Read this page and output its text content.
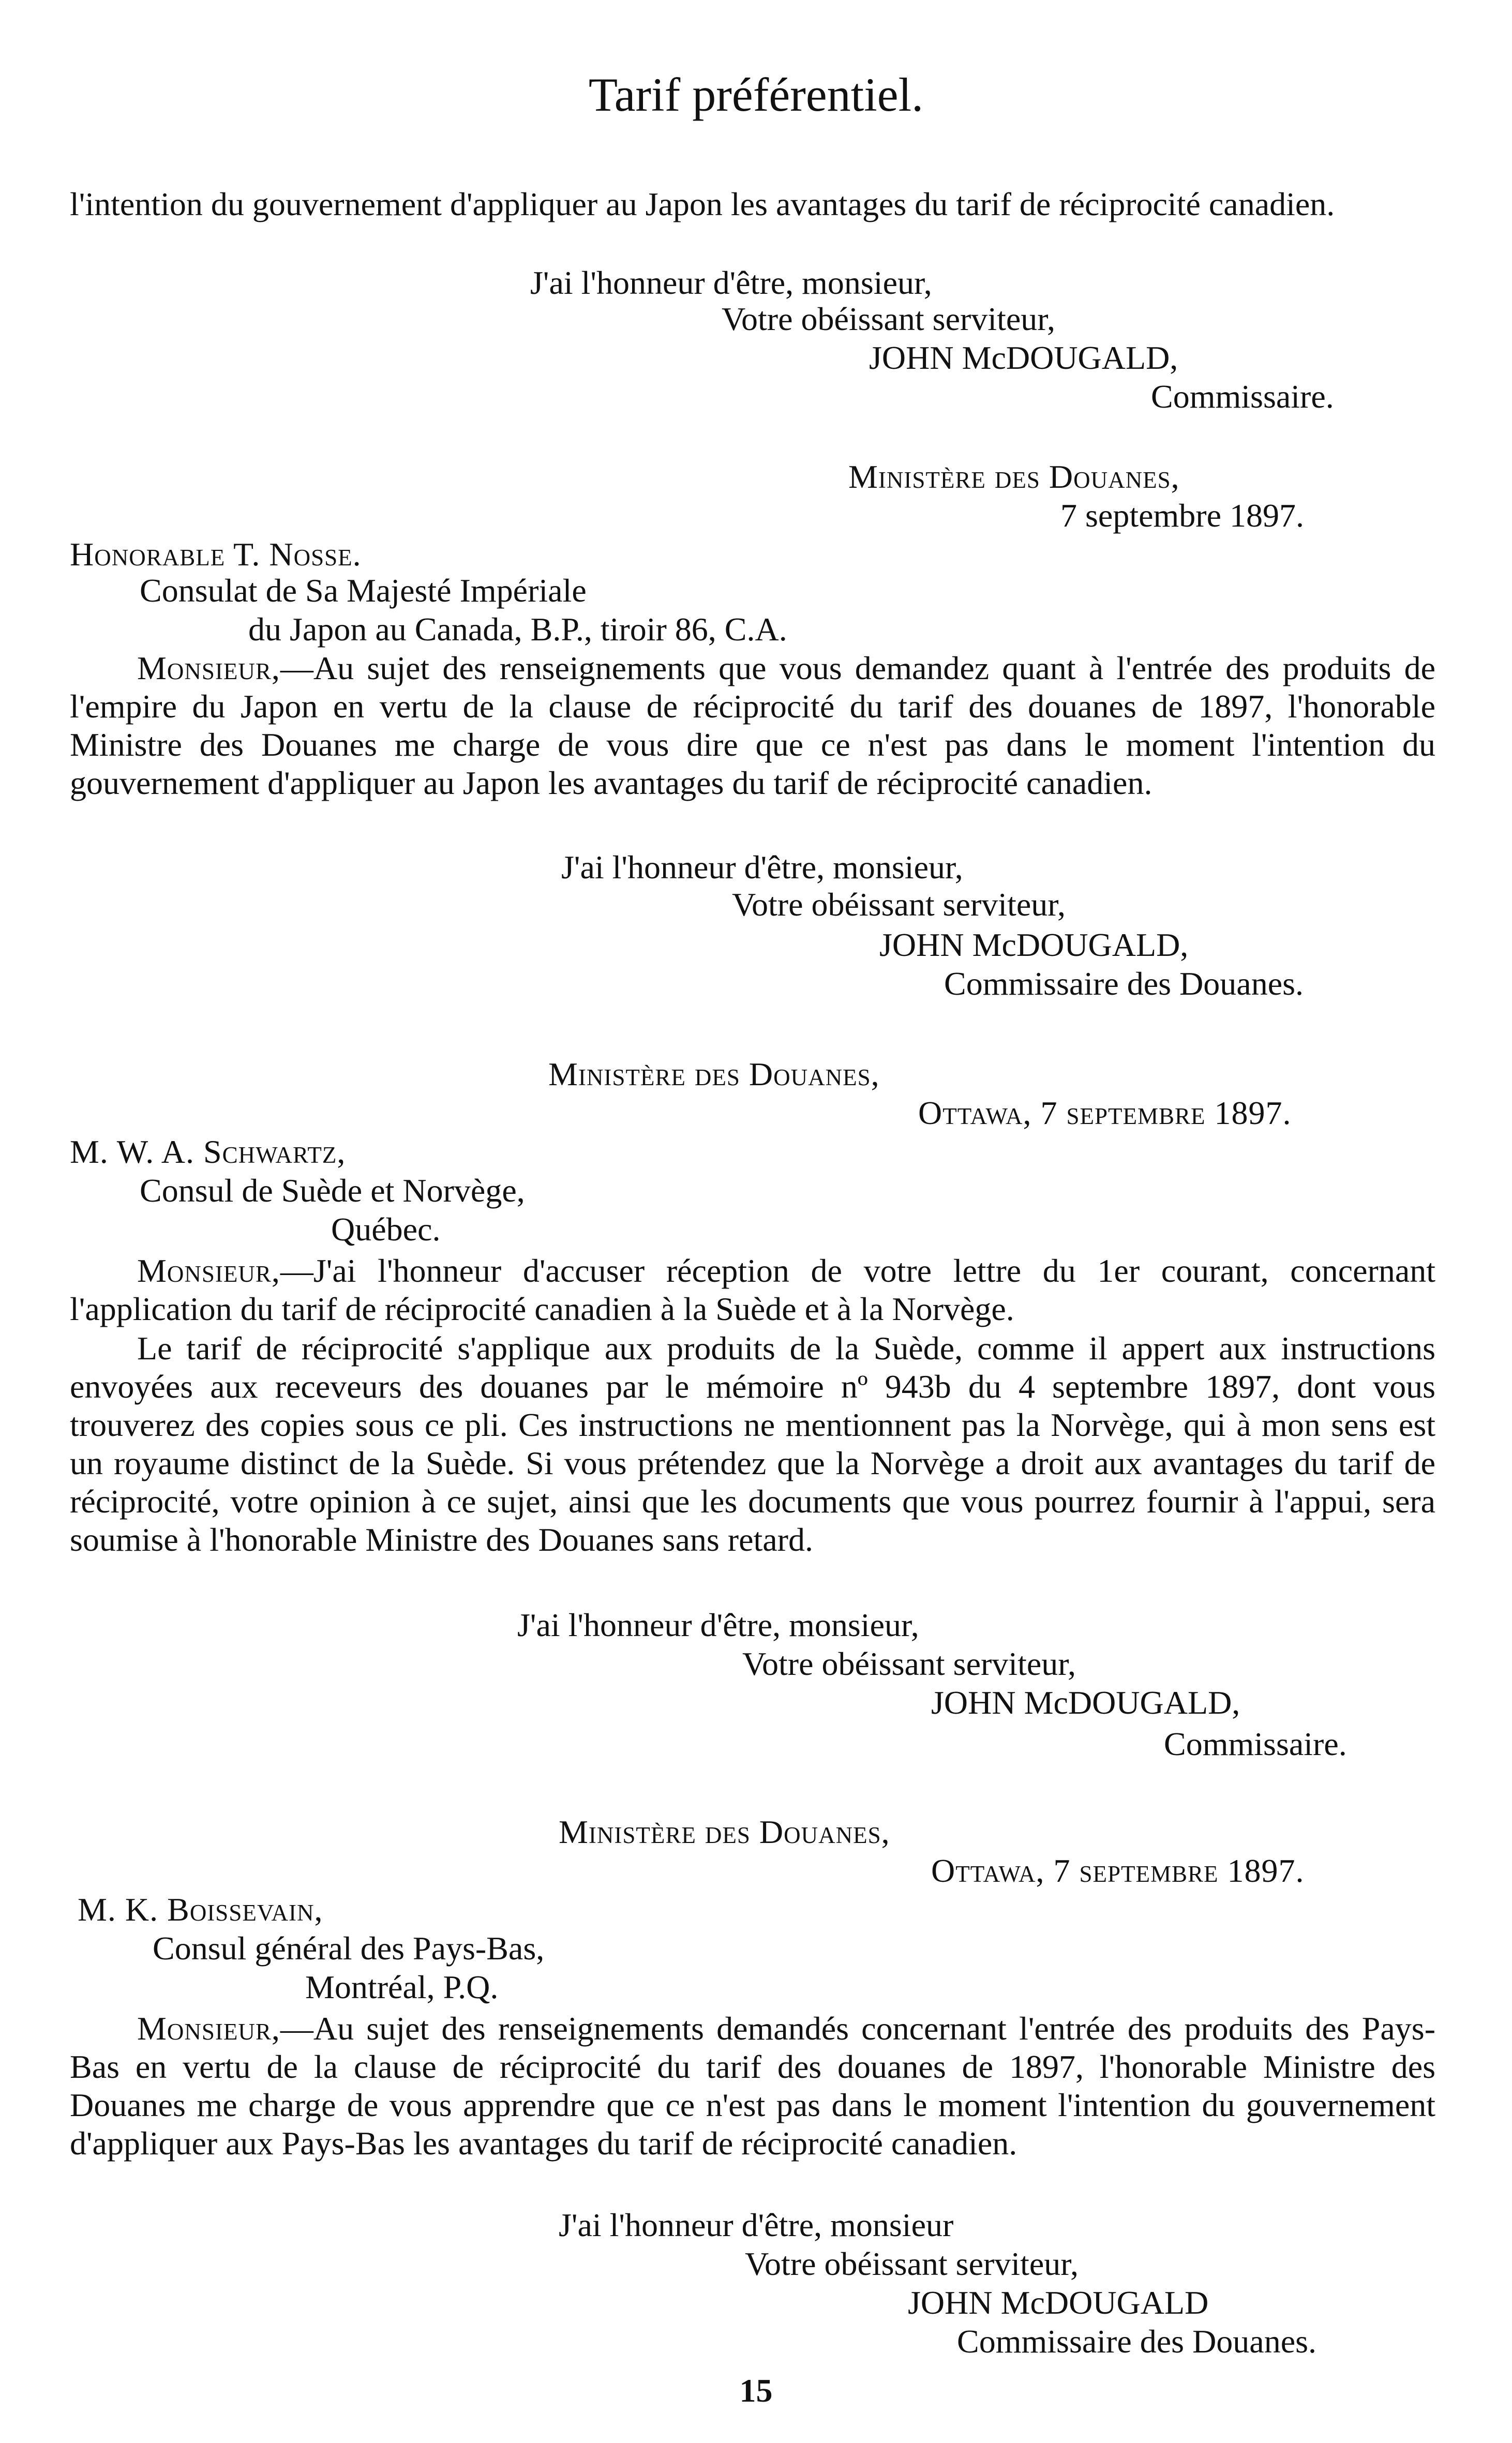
Tarif préférentiel.
l'intention du gouvernement d'appliquer au Japon les avantages du tarif de réciprocité canadien.
J'ai l'honneur d'être, monsieur,
Votre obéissant serviteur,
JOHN McDOUGALD,
Commissaire.
Ministère des Douanes,
7 septembre 1897.
Honorable T. Nosse.
Consulat de Sa Majesté Impériale
du Japon au Canada, B.P., tiroir 86, C.A.
Monsieur,—Au sujet des renseignements que vous demandez quant à l'entrée des produits de l'empire du Japon en vertu de la clause de réciprocité du tarif des douanes de 1897, l'honorable Ministre des Douanes me charge de vous dire que ce n'est pas dans le moment l'intention du gouvernement d'appliquer au Japon les avantages du tarif de réciprocité canadien.
J'ai l'honneur d'être, monsieur,
Votre obéissant serviteur,
JOHN McDOUGALD,
Commissaire des Douanes.
Ministère des Douanes,
Ottawa, 7 septembre 1897.
M. W. A. Schwartz,
Consul de Suède et Norvège,
Québec.
Monsieur,—J'ai l'honneur d'accuser réception de votre lettre du 1er courant, concernant l'application du tarif de réciprocité canadien à la Suède et à la Norvège.
Le tarif de réciprocité s'applique aux produits de la Suède, comme il appert aux instructions envoyées aux receveurs des douanes par le mémoire nº 943b du 4 septembre 1897, dont vous trouverez des copies sous ce pli. Ces instructions ne mentionnent pas la Norvège, qui à mon sens est un royaume distinct de la Suède. Si vous prétendez que la Norvège a droit aux avantages du tarif de réciprocité, votre opinion à ce sujet, ainsi que les documents que vous pourrez fournir à l'appui, sera soumise à l'honorable Ministre des Douanes sans retard.
J'ai l'honneur d'être, monsieur,
Votre obéissant serviteur,
JOHN McDOUGALD,
Commissaire.
Ministère des Douanes,
Ottawa, 7 septembre 1897.
M. K. Boissevain,
Consul général des Pays-Bas,
Montréal, P.Q.
Monsieur,—Au sujet des renseignements demandés concernant l'entrée des produits des Pays-Bas en vertu de la clause de réciprocité du tarif des douanes de 1897, l'honorable Ministre des Douanes me charge de vous apprendre que ce n'est pas dans le moment l'intention du gouvernement d'appliquer aux Pays-Bas les avantages du tarif de réciprocité canadien.
J'ai l'honneur d'être, monsieur
Votre obéissant serviteur,
JOHN McDOUGALD
Commissaire des Douanes.
15
